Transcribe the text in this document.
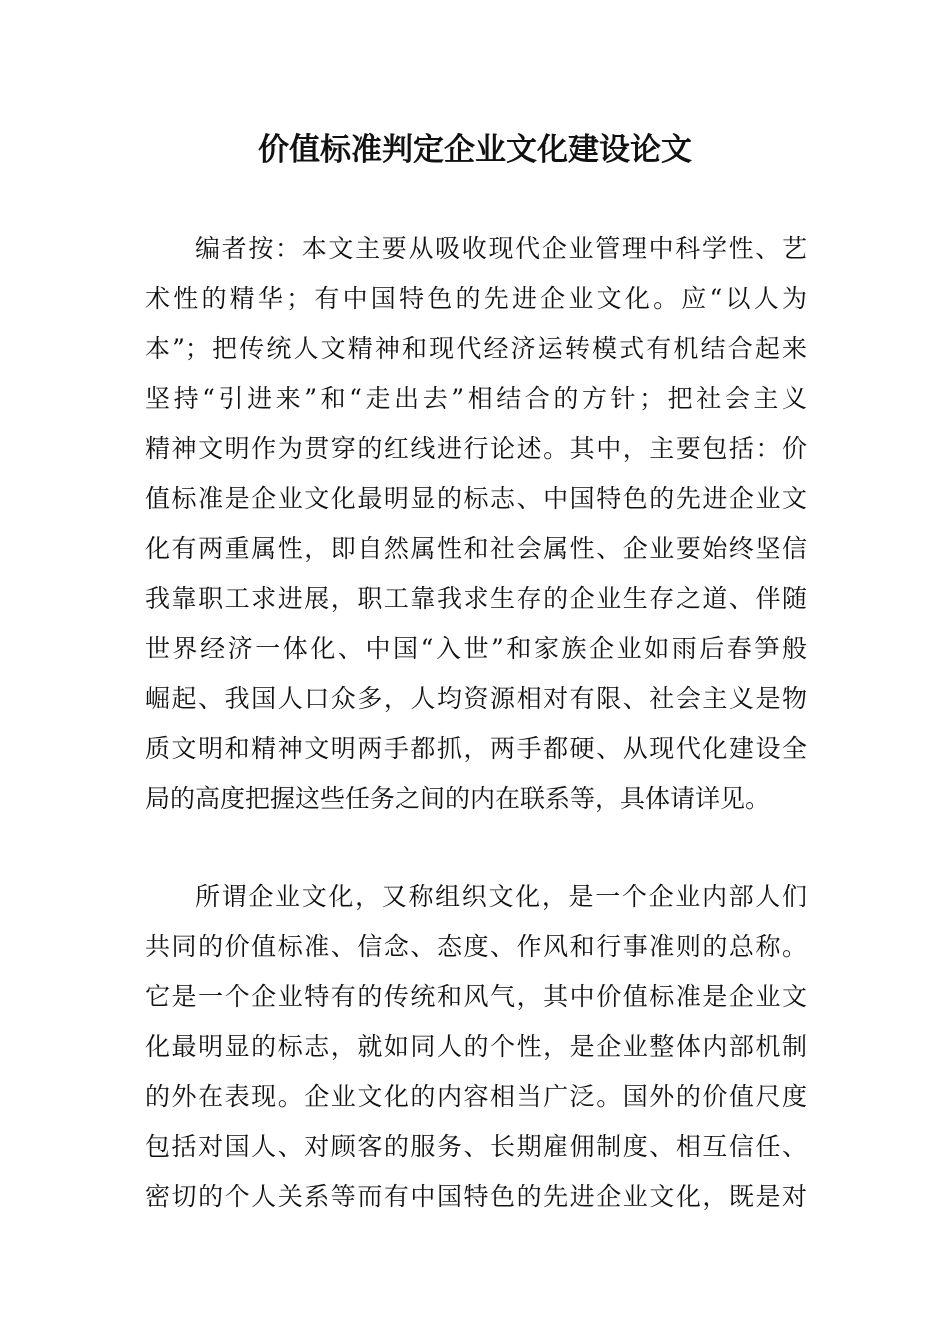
价值标准判定企业文化建设论文
编者按：本文主要从吸收现代企业管理中科学性、艺
术性的精华；有中国特色的先进企业文化。应“以人为
本”；把传统人文精神和现代经济运转模式有机结合起来
坚持“引进来”和“走出去”相结合的方针；把社会主义
精神文明作为贯穿的红线进行论述。其中，主要包括：价
值标准是企业文化最明显的标志、中国特色的先进企业文
化有两重属性，即自然属性和社会属性、企业要始终坚信
我靠职工求进展，职工靠我求生存的企业生存之道、伴随
世界经济一体化、中国“入世”和家族企业如雨后春笋般
崛起、我国人口众多，人均资源相对有限、社会主义是物
质文明和精神文明两手都抓，两手都硬、从现代化建设全
局的高度把握这些任务之间的内在联系等，具体请详见。
所谓企业文化，又称组织文化，是一个企业内部人们
共同的价值标准、信念、态度、作风和行事准则的总称。
它是一个企业特有的传统和风气，其中价值标准是企业文
化最明显的标志，就如同人的个性，是企业整体内部机制
的外在表现。企业文化的内容相当广泛。国外的价值尺度
包括对国人、对顾客的服务、长期雇佣制度、相互信任、
密切的个人关系等而有中国特色的先进企业文化，既是对
